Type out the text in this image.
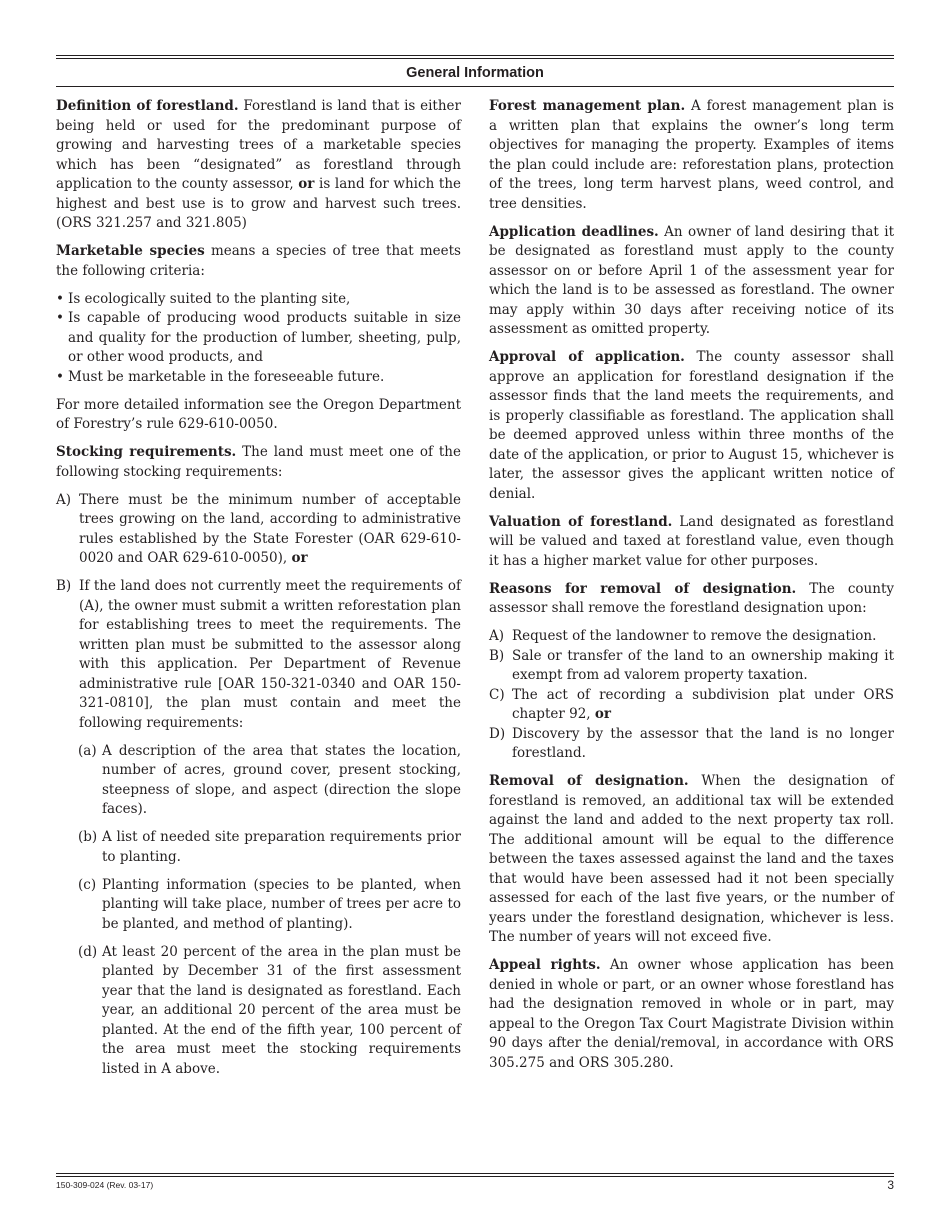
General Information

Definition of forestland. Forestland is land that is either being held or used for the predominant purpose of growing and harvesting trees of a marketable species which has been “designated” as forestland through application to the county assessor, or is land for which the highest and best use is to grow and harvest such trees. (ORS 321.257 and 321.805)

Marketable species means a species of tree that meets the following criteria:

• Is ecologically suited to the planting site,
• Is capable of producing wood products suitable in size and quality for the production of lumber, sheeting, pulp, or other wood products, and
• Must be marketable in the foreseeable future.

For more detailed information see the Oregon Department of Forestry’s rule 629-610-0050.

Stocking requirements. The land must meet one of the following stocking requirements:

A) There must be the minimum number of acceptable trees growing on the land, according to administrative rules established by the State Forester (OAR 629-610-0020 and OAR 629-610-0050), or
B) If the land does not currently meet the requirements of (A), the owner must submit a written reforestation plan for establishing trees to meet the requirements. The written plan must be submitted to the assessor along with this application. Per Department of Revenue administrative rule [OAR 150-321-0340 and OAR 150-321-0810], the plan must contain and meet the following requirements:
(a) A description of the area that states the location, number of acres, ground cover, present stocking, steepness of slope, and aspect (direction the slope faces).
(b) A list of needed site preparation requirements prior to planting.
(c) Planting information (species to be planted, when planting will take place, number of trees per acre to be planted, and method of planting).
(d) At least 20 percent of the area in the plan must be planted by December 31 of the first assessment year that the land is designated as forestland. Each year, an additional 20 percent of the area must be planted. At the end of the fifth year, 100 percent of the area must meet the stocking requirements listed in A above.

Forest management plan. A forest management plan is a written plan that explains the owner’s long term objectives for managing the property. Examples of items the plan could include are: reforestation plans, protection of the trees, long term harvest plans, weed control, and tree densities.

Application deadlines. An owner of land desiring that it be designated as forestland must apply to the county assessor on or before April 1 of the assessment year for which the land is to be assessed as forestland. The owner may apply within 30 days after receiving notice of its assessment as omitted property.

Approval of application. The county assessor shall approve an application for forestland designation if the assessor finds that the land meets the requirements, and is properly classifiable as forestland. The application shall be deemed approved unless within three months of the date of the application, or prior to August 15, whichever is later, the assessor gives the applicant written notice of denial.

Valuation of forestland. Land designated as forestland will be valued and taxed at forestland value, even though it has a higher market value for other purposes.

Reasons for removal of designation. The county assessor shall remove the forestland designation upon:

A) Request of the landowner to remove the designation.
B) Sale or transfer of the land to an ownership making it exempt from ad valorem property taxation.
C) The act of recording a subdivision plat under ORS chapter 92, or
D) Discovery by the assessor that the land is no longer forestland.

Removal of designation. When the designation of forestland is removed, an additional tax will be extended against the land and added to the next property tax roll. The additional amount will be equal to the difference between the taxes assessed against the land and the taxes that would have been assessed had it not been specially assessed for each of the last five years, or the number of years under the forestland designation, whichever is less. The number of years will not exceed five.

Appeal rights. An owner whose application has been denied in whole or part, or an owner whose forestland has had the designation removed in whole or in part, may appeal to the Oregon Tax Court Magistrate Division within 90 days after the denial/removal, in accordance with ORS 305.275 and ORS 305.280.

150-309-024 (Rev. 03-17)	3
